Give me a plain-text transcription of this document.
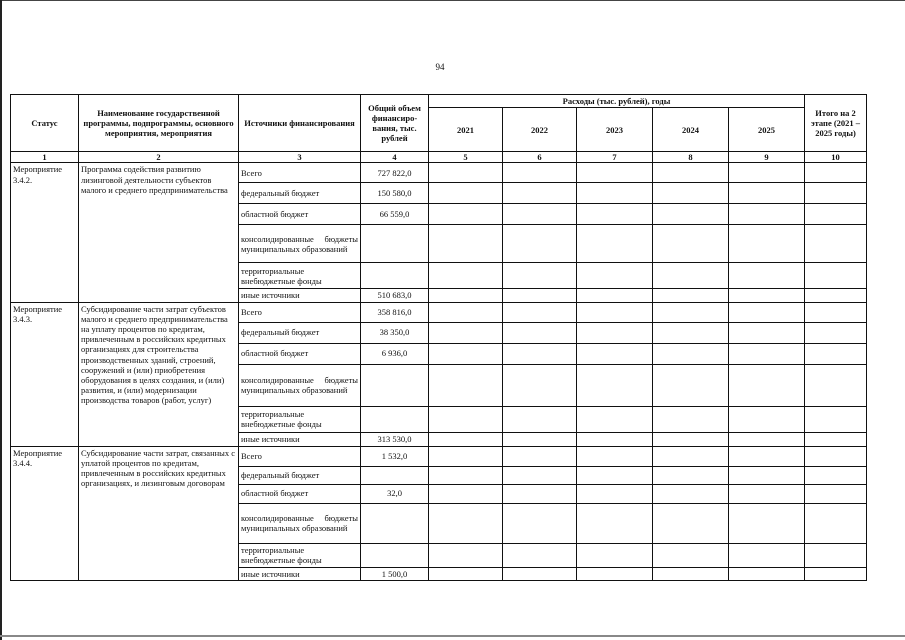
94
Статус	Наименование государственной программы, подпрограммы, основного мероприятия, мероприятия	Источники финансирования	Общий объем финансиро-вания, тыс. рублей	Расходы (тыс. рублей), годы					Итого на 2 этапе (2021 – 2025 годы)
				2021	2022	2023	2024	2025	
1	2	3	4	5	6	7	8	9	10
Мероприятие 3.4.2.	Программа содействия развитию лизинговой деятельности субъектов малого и среднего предпринимательства	Всего	727 822,0						
		федеральный бюджет	150 580,0						
		областной бюджет	66 559,0						
		консолидированные бюджеты муниципальных образований							
		территориальные внебюджетные фонды							
		иные источники	510 683,0						
Мероприятие 3.4.3.	Субсидирование части затрат субъектов малого и среднего предпринимательства на уплату процентов по кредитам, привлеченным в российских кредитных организациях для строительства производственных зданий, строений, сооружений и (или) приобретения оборудования в целях создания, и (или) развития, и (или) модернизации производства товаров (работ, услуг)	Всего	358 816,0						
		федеральный бюджет	38 350,0						
		областной бюджет	6 936,0						
		консолидированные бюджеты муниципальных образований							
		территориальные внебюджетные фонды							
		иные источники	313 530,0						
Мероприятие 3.4.4.	Субсидирование части затрат, связанных с уплатой процентов по кредитам, привлеченным в российских кредитных организациях, и лизинговым договорам	Всего	1 532,0						
		федеральный бюджет							
		областной бюджет	32,0						
		консолидированные бюджеты муниципальных образований							
		территориальные внебюджетные фонды							
		иные источники	1 500,0						
